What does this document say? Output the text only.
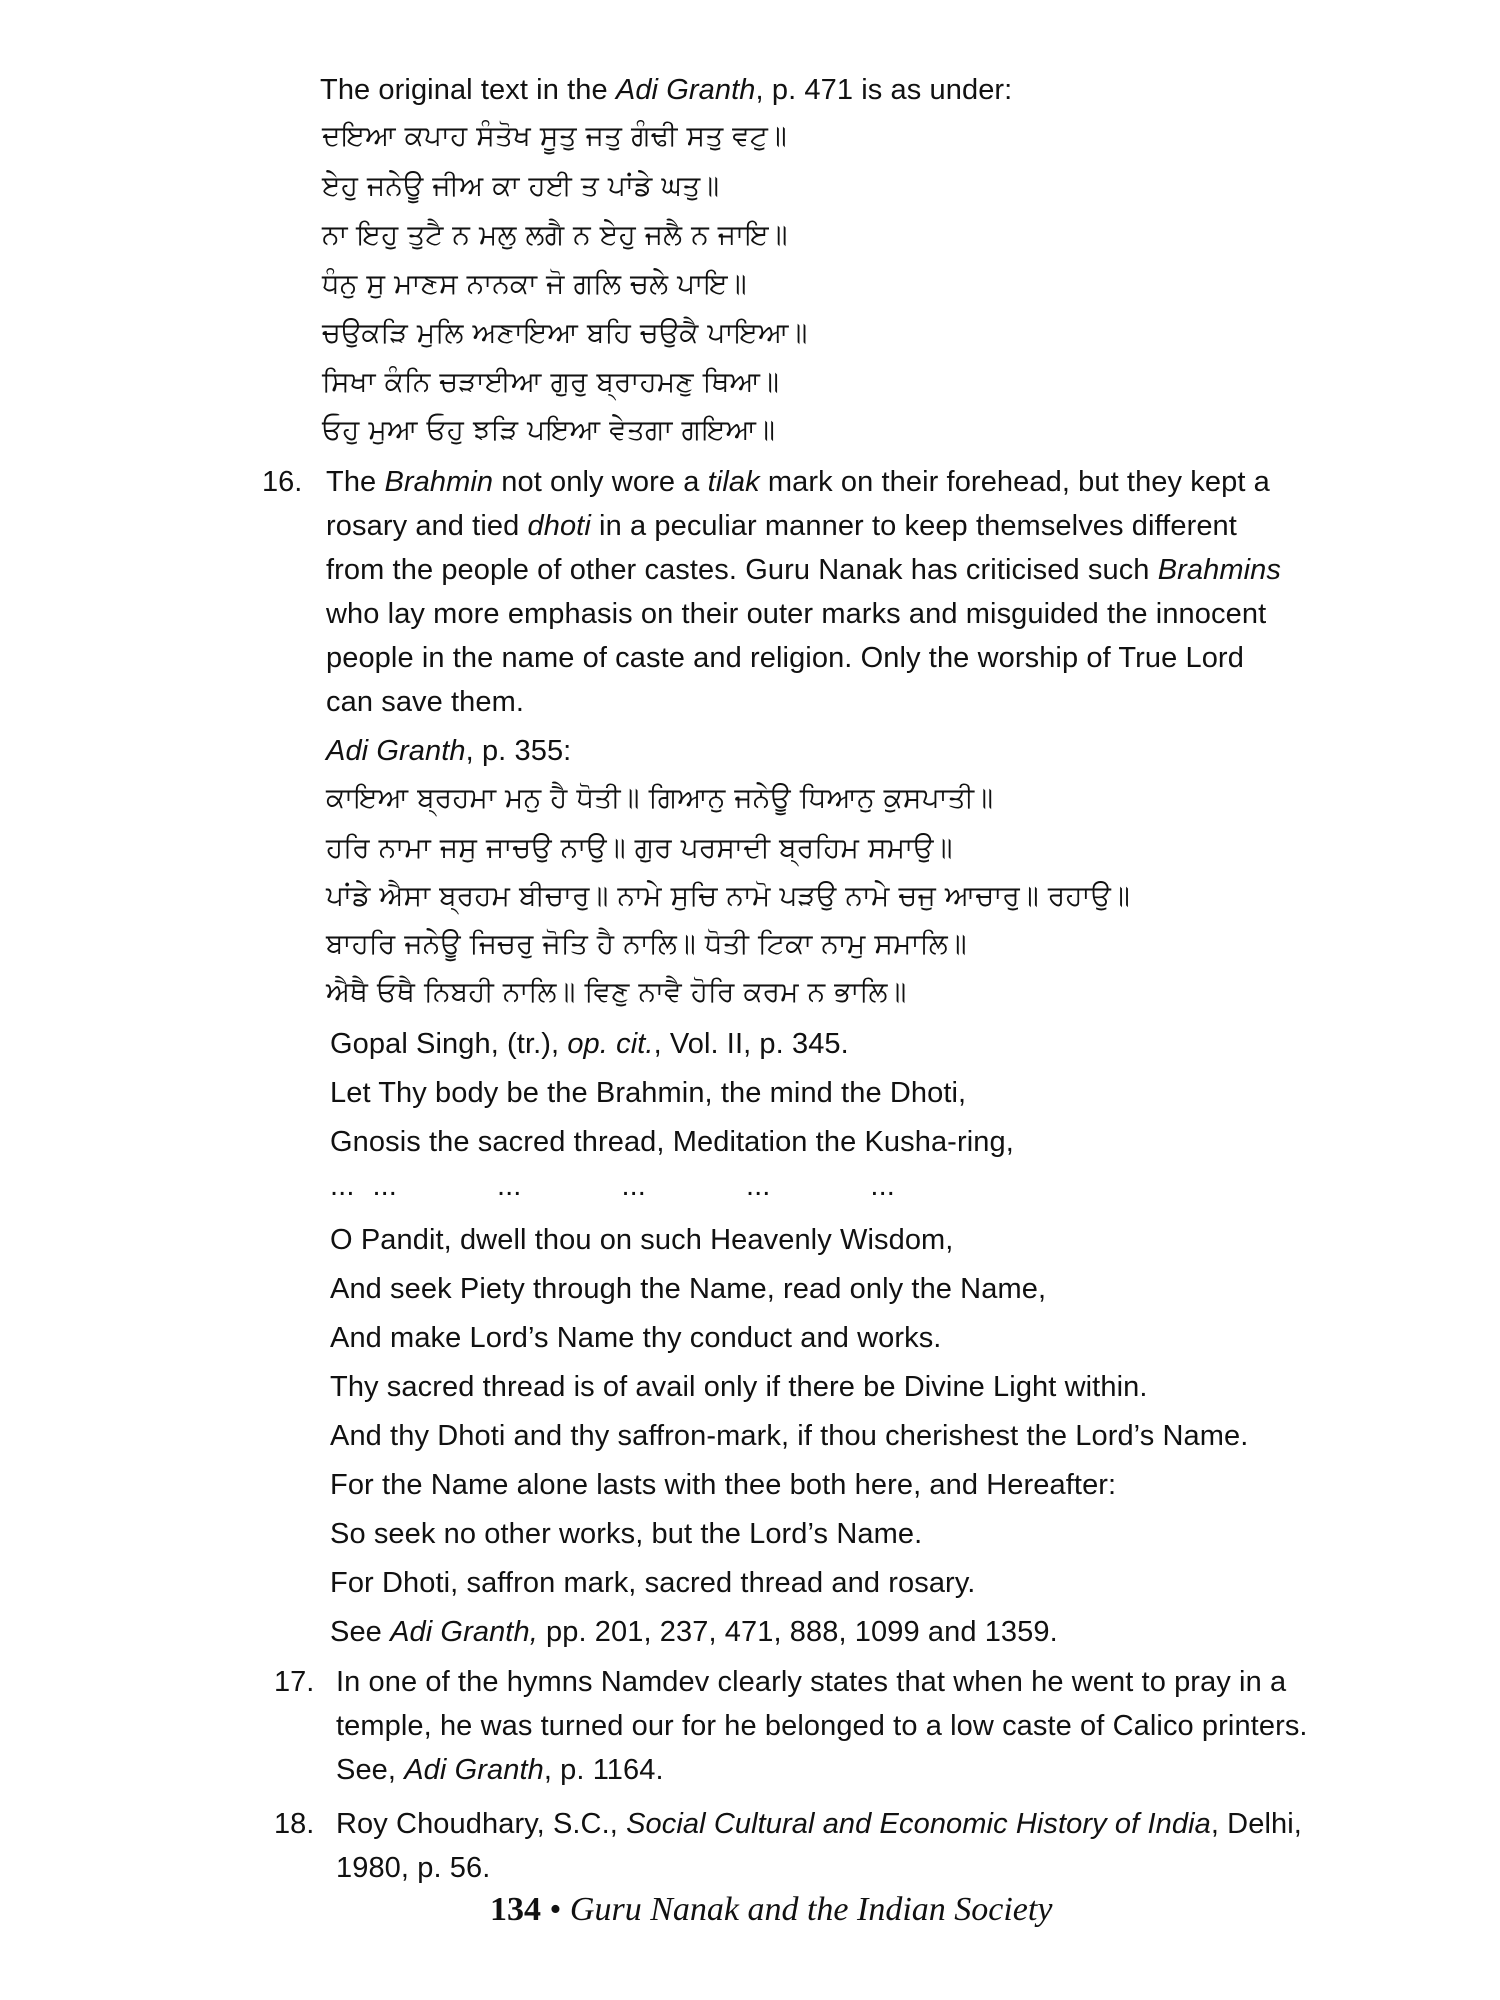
The original text in the Adi Granth, p. 471 is as under:
ਦਇਆ ਕਪਾਹ ਸੰਤੋਖ ਸੂਤੁ ਜਤੁ ਗੰਢੀ ਸਤੁ ਵਟੁ॥
ਏਹੁ ਜਨੇਊ ਜੀਅ ਕਾ ਹਈ ਤ ਪਾਂਡੇ ਘਤੁ॥
ਨਾ ਇਹੁ ਤੁਟੈ ਨ ਮਲੁ ਲਗੈ ਨ ਏਹੁ ਜਲੈ ਨ ਜਾਇ॥
ਧੰਨੁ ਸੁ ਮਾਣਸ ਨਾਨਕਾ ਜੋ ਗਲਿ ਚਲੇ ਪਾਇ॥
ਚਉਕੜਿ ਮੁਲਿ ਅਣਾਇਆ ਬਹਿ ਚਉਕੈ ਪਾਇਆ॥
ਸਿਖਾ ਕੰਨਿ ਚੜਾਈਆ ਗੁਰੁ ਬ੍ਰਾਹਮਣੁ ਥਿਆ॥
ਓਹੁ ਮੁਆ ਓਹੁ ਝੜਿ ਪਇਆ ਵੇਤਗਾ ਗਇਆ॥
16. The Brahmin not only wore a tilak mark on their forehead, but they kept a
rosary and tied dhoti in a peculiar manner to keep themselves different
from the people of other castes. Guru Nanak has criticised such Brahmins
who lay more emphasis on their outer marks and misguided the innocent
people in the name of caste and religion. Only the worship of True Lord
can save them.
Adi Granth, p. 355:
ਕਾਇਆ ਬ੍ਰਹਮਾ ਮਨੁ ਹੈ ਧੋਤੀ॥ ਗਿਆਨੁ ਜਨੇਊ ਧਿਆਨੁ ਕੁਸਪਾਤੀ॥
ਹਰਿ ਨਾਮਾ ਜਸੁ ਜਾਚਉ ਨਾਉ॥ ਗੁਰ ਪਰਸਾਦੀ ਬ੍ਰਹਿਮ ਸਮਾਉ॥
ਪਾਂਡੇ ਐਸਾ ਬ੍ਰਹਮ ਬੀਚਾਰੁ॥ ਨਾਮੇ ਸੁਚਿ ਨਾਮੋ ਪੜਉ ਨਾਮੇ ਚਜੁ ਆਚਾਰੁ॥ ਰਹਾਉ॥
ਬਾਹਰਿ ਜਨੇਊ ਜਿਚਰੁ ਜੋਤਿ ਹੈ ਨਾਲਿ॥ ਧੋਤੀ ਟਿਕਾ ਨਾਮੁ ਸਮਾਲਿ॥
ਐਥੈ ਓਥੈ ਨਿਬਹੀ ਨਾਲਿ॥ ਵਿਣੁ ਨਾਵੈ ਹੋਰਿ ਕਰਮ ਨ ਭਾਲਿ॥
Gopal Singh, (tr.), op. cit., Vol. II, p. 345.
Let Thy body be the Brahmin, the mind the Dhoti,
Gnosis the sacred thread, Meditation the Kusha-ring,
... ...	...	...	...	...
O Pandit, dwell thou on such Heavenly Wisdom,
And seek Piety through the Name, read only the Name,
And make Lord’s Name thy conduct and works.
Thy sacred thread is of avail only if there be Divine Light within.
And thy Dhoti and thy saffron-mark, if thou cherishest the Lord’s Name.
For the Name alone lasts with thee both here, and Hereafter:
So seek no other works, but the Lord’s Name.
For Dhoti, saffron mark, sacred thread and rosary.
See Adi Granth, pp. 201, 237, 471, 888, 1099 and 1359.
17. In one of the hymns Namdev clearly states that when he went to pray in a
temple, he was turned our for he belonged to a low caste of Calico printers.
See, Adi Granth, p. 1164.
18. Roy Choudhary, S.C., Social Cultural and Economic History of India, Delhi,
1980, p. 56.
134 • Guru Nanak and the Indian Society
